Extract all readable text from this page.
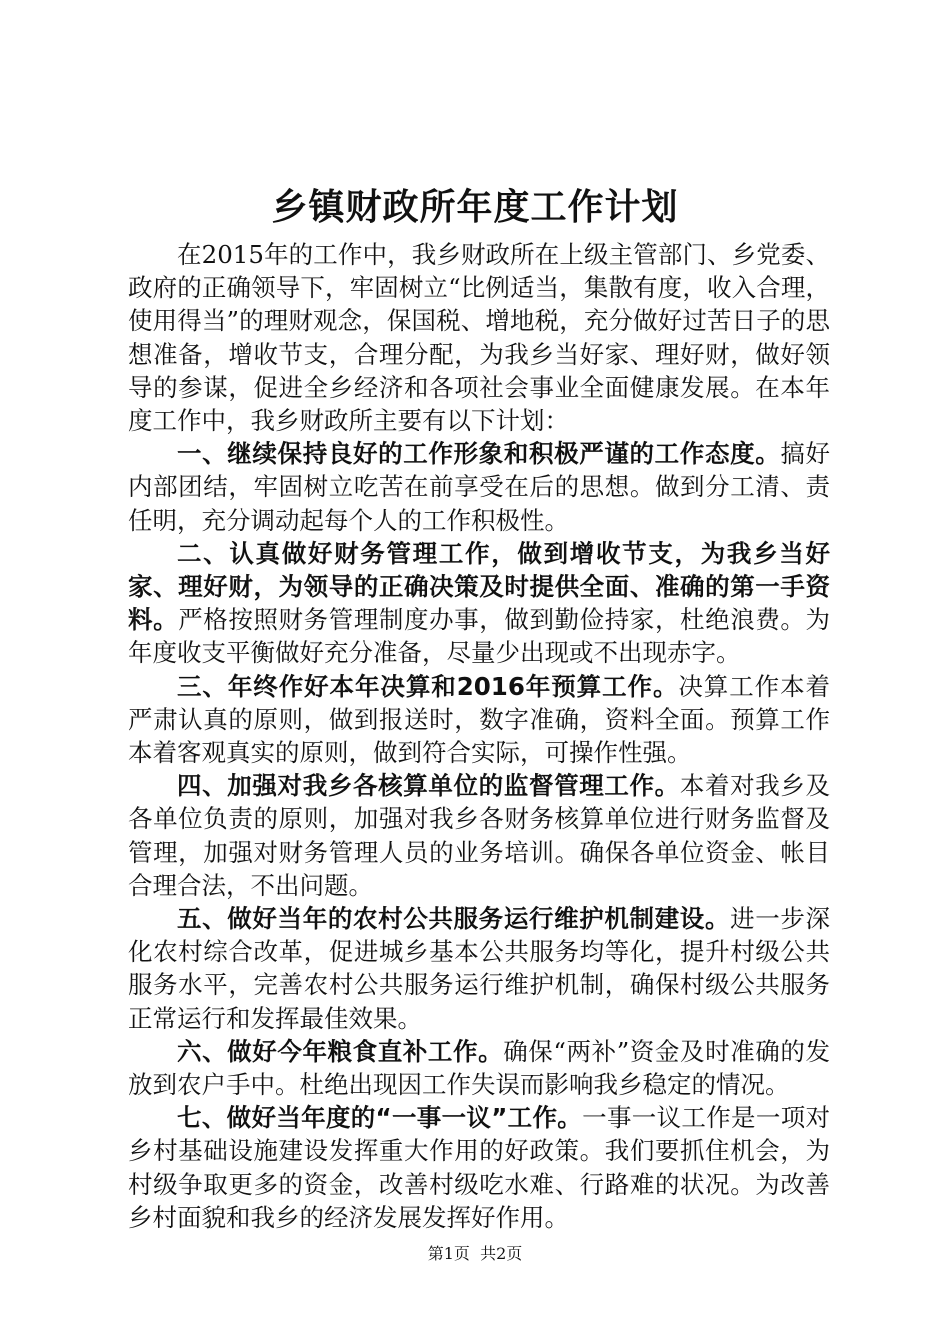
乡镇财政所年度工作计划

在2015年的工作中，我乡财政所在上级主管部门、乡党委、政府的正确领导下，牢固树立“比例适当，集散有度，收入合理，使用得当”的理财观念，保国税、增地税，充分做好过苦日子的思想准备，增收节支，合理分配，为我乡当好家、理好财，做好领导的参谋，促进全乡经济和各项社会事业全面健康发展。在本年度工作中，我乡财政所主要有以下计划：

一、继续保持良好的工作形象和积极严谨的工作态度。搞好内部团结，牢固树立吃苦在前享受在后的思想。做到分工清、责任明，充分调动起每个人的工作积极性。

二、认真做好财务管理工作，做到增收节支，为我乡当好家、理好财，为领导的正确决策及时提供全面、准确的第一手资料。严格按照财务管理制度办事，做到勤俭持家，杜绝浪费。为年度收支平衡做好充分准备，尽量少出现或不出现赤字。

三、年终作好本年决算和2016年预算工作。决算工作本着严肃认真的原则，做到报送时，数字准确，资料全面。预算工作本着客观真实的原则，做到符合实际，可操作性强。

四、加强对我乡各核算单位的监督管理工作。本着对我乡及各单位负责的原则，加强对我乡各财务核算单位进行财务监督及管理，加强对财务管理人员的业务培训。确保各单位资金、帐目合理合法，不出问题。

五、做好当年的农村公共服务运行维护机制建设。进一步深化农村综合改革，促进城乡基本公共服务均等化，提升村级公共服务水平，完善农村公共服务运行维护机制，确保村级公共服务正常运行和发挥最佳效果。

六、做好今年粮食直补工作。确保“两补”资金及时准确的发放到农户手中。杜绝出现因工作失误而影响我乡稳定的情况。

七、做好当年度的“一事一议”工作。一事一议工作是一项对乡村基础设施建设发挥重大作用的好政策。我们要抓住机会，为村级争取更多的资金，改善村级吃水难、行路难的状况。为改善乡村面貌和我乡的经济发展发挥好作用。

第1页  共2页
